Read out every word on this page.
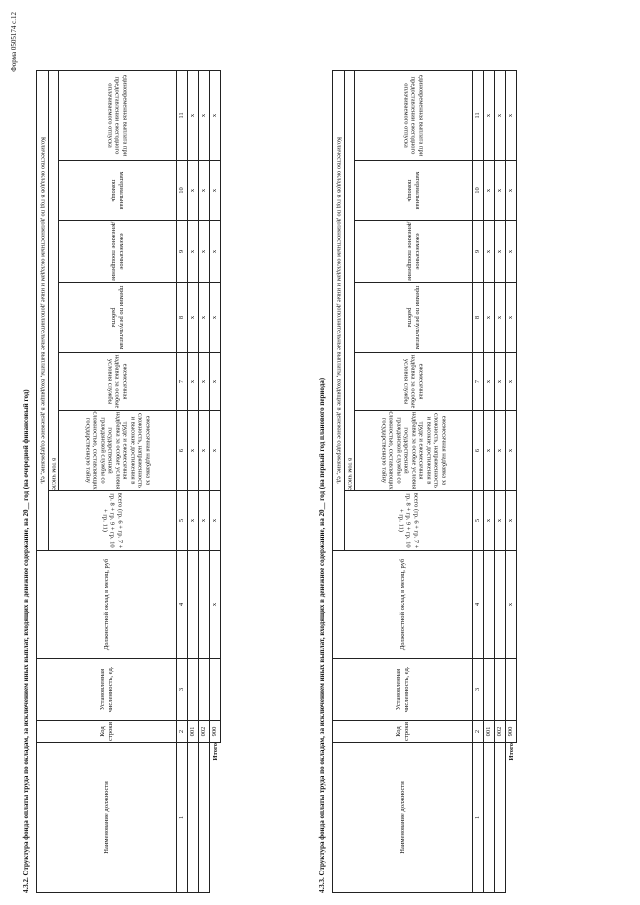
Форма 0505174 с.12
4.3.2. Структура фонда оплаты труда по окладам, за исключением иных выплат, входящих в денежное содержание, на 20__ год (на очередной финансовый год)	Наименование должности	Код строки	Установленная численность, ед.	Должностной оклад в месяц, руб	Количество окладов в год по должностным окладам и иные дополнительные выплаты, входящие в денежное содержание, ед.						
				всего (гр. 6 + гр. 7 + гр. 8 + гр. 9 + гр. 10 + гр. 11)	в том числе					
					ежемесячная надбавка за сложность, напряженность и высокие достижения в труде и ежемесячная надбавка за особые условия государственной гражданской службы со сложностью, составляющих государственную тайну	ежемесячная надбавка за особые условия службы	премии по результатам работы	ежемесячное денежное поощрение	материальная помощь	единовременная выплата при предоставлении ежегодного оплачиваемого отпуска
1	2	3	4	5	6	7	8	9	10	11
	001			х	х	х	х	х	х	х
	002			х	х	х	х	х	х	х
Итого	900		х	х	х	х	х	х	х	х
4.3.3. Структура фонда оплаты труда по окладам, за исключением иных выплат, входящих в денежное содержание, на 20__ год (на первый год планового периода)	Наименование должности	Код строки	Установленная численность, ед.	Должностной оклад в месяц, руб	Количество окладов в год по должностным окладам и иные дополнительные выплаты, входящие в денежное содержание, ед.						
				всего (гр. 6 + гр. 7 + гр. 8 + гр. 9 + гр. 10 + гр. 11)	в том числе					
					ежемесячная надбавка за сложность, напряженность и высокие достижения в труде и ежемесячная надбавка за особые условия государственной гражданской службы со сложностью, составляющих государственную тайну	ежемесячная надбавка за особые условия службы	премии по результатам работы	ежемесячное денежное поощрение	материальная помощь	единовременная выплата при предоставлении ежегодного оплачиваемого отпуска
1	2	3	4	5	6	7	8	9	10	11
	001			х	х	х	х	х	х	х
	002			х	х	х	х	х	х	х
Итого	900		х	х	х	х	х	х	х	х
